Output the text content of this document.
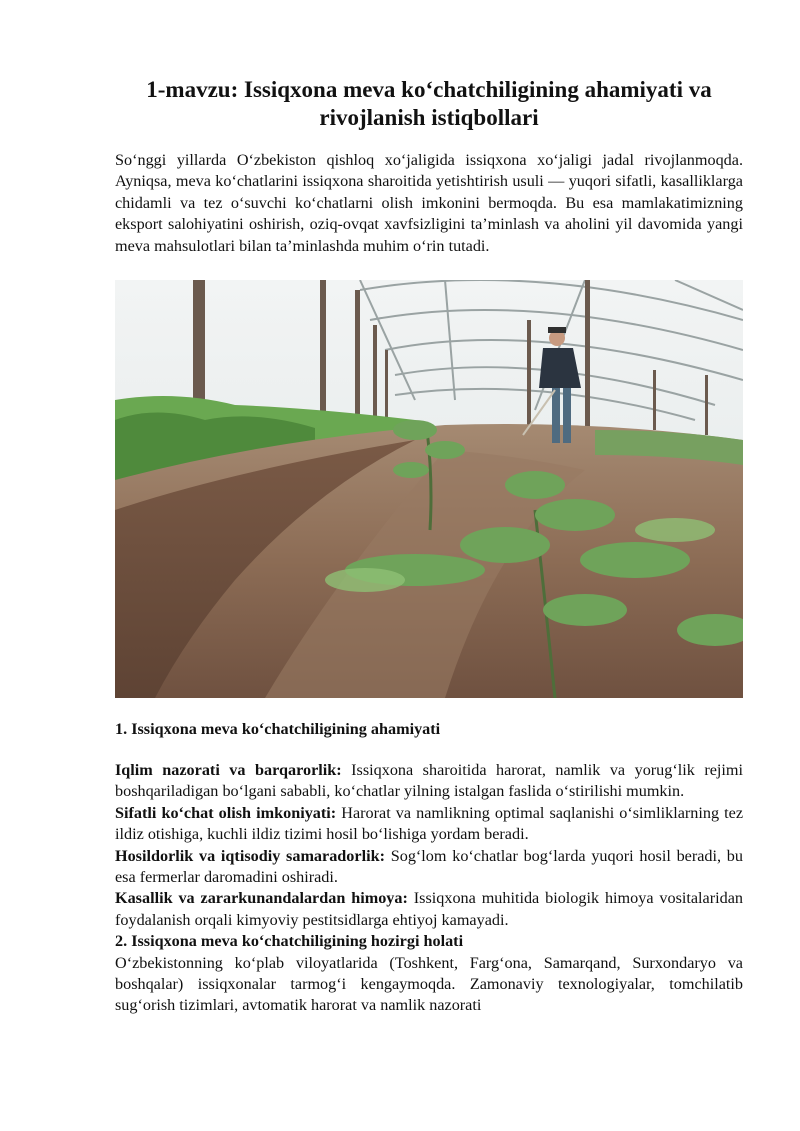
1-mavzu: Issiqxona meva ko‘chatchiligining ahamiyati va rivojlanish istiqbollari

So‘nggi yillarda O‘zbekiston qishloq xo‘jaligida issiqxona xo‘jaligi jadal rivojlanmoqda. Ayniqsa, meva ko‘chatlarini issiqxona sharoitida yetishtirish usuli — yuqori sifatli, kasalliklarga chidamli va tez o‘suvchi ko‘chatlarni olish imkonini bermoqda. Bu esa mamlakatimizning eksport salohiyatini oshirish, oziq-ovqat xavfsizligini ta’minlash va aholini yil davomida yangi meva mahsulotlari bilan ta’minlashda muhim o‘rin tutadi.

1. Issiqxona meva ko‘chatchiligining ahamiyati

Iqlim nazorati va barqarorlik: Issiqxona sharoitida harorat, namlik va yorug‘lik rejimi boshqariladigan bo‘lgani sababli, ko‘chatlar yilning istalgan faslida o‘stirilishi mumkin.

Sifatli ko‘chat olish imkoniyati: Harorat va namlikning optimal saqlanishi o‘simliklarning tez ildiz otishiga, kuchli ildiz tizimi hosil bo‘lishiga yordam beradi.

Hosildorlik va iqtisodiy samaradorlik: Sog‘lom ko‘chatlar bog‘larda yuqori hosil beradi, bu esa fermerlar daromadini oshiradi.

Kasallik va zararkunandalardan himoya: Issiqxona muhitida biologik himoya vositalaridan foydalanish orqali kimyoviy pestitsidlarga ehtiyoj kamayadi.

2. Issiqxona meva ko‘chatchiligining hozirgi holati

O‘zbekistonning ko‘plab viloyatlarida (Toshkent, Farg‘ona, Samarqand, Surxondaryo va boshqalar) issiqxonalar tarmog‘i kengaymoqda. Zamonaviy texnologiyalar, tomchilatib sug‘orish tizimlari, avtomatik harorat va namlik nazorati
